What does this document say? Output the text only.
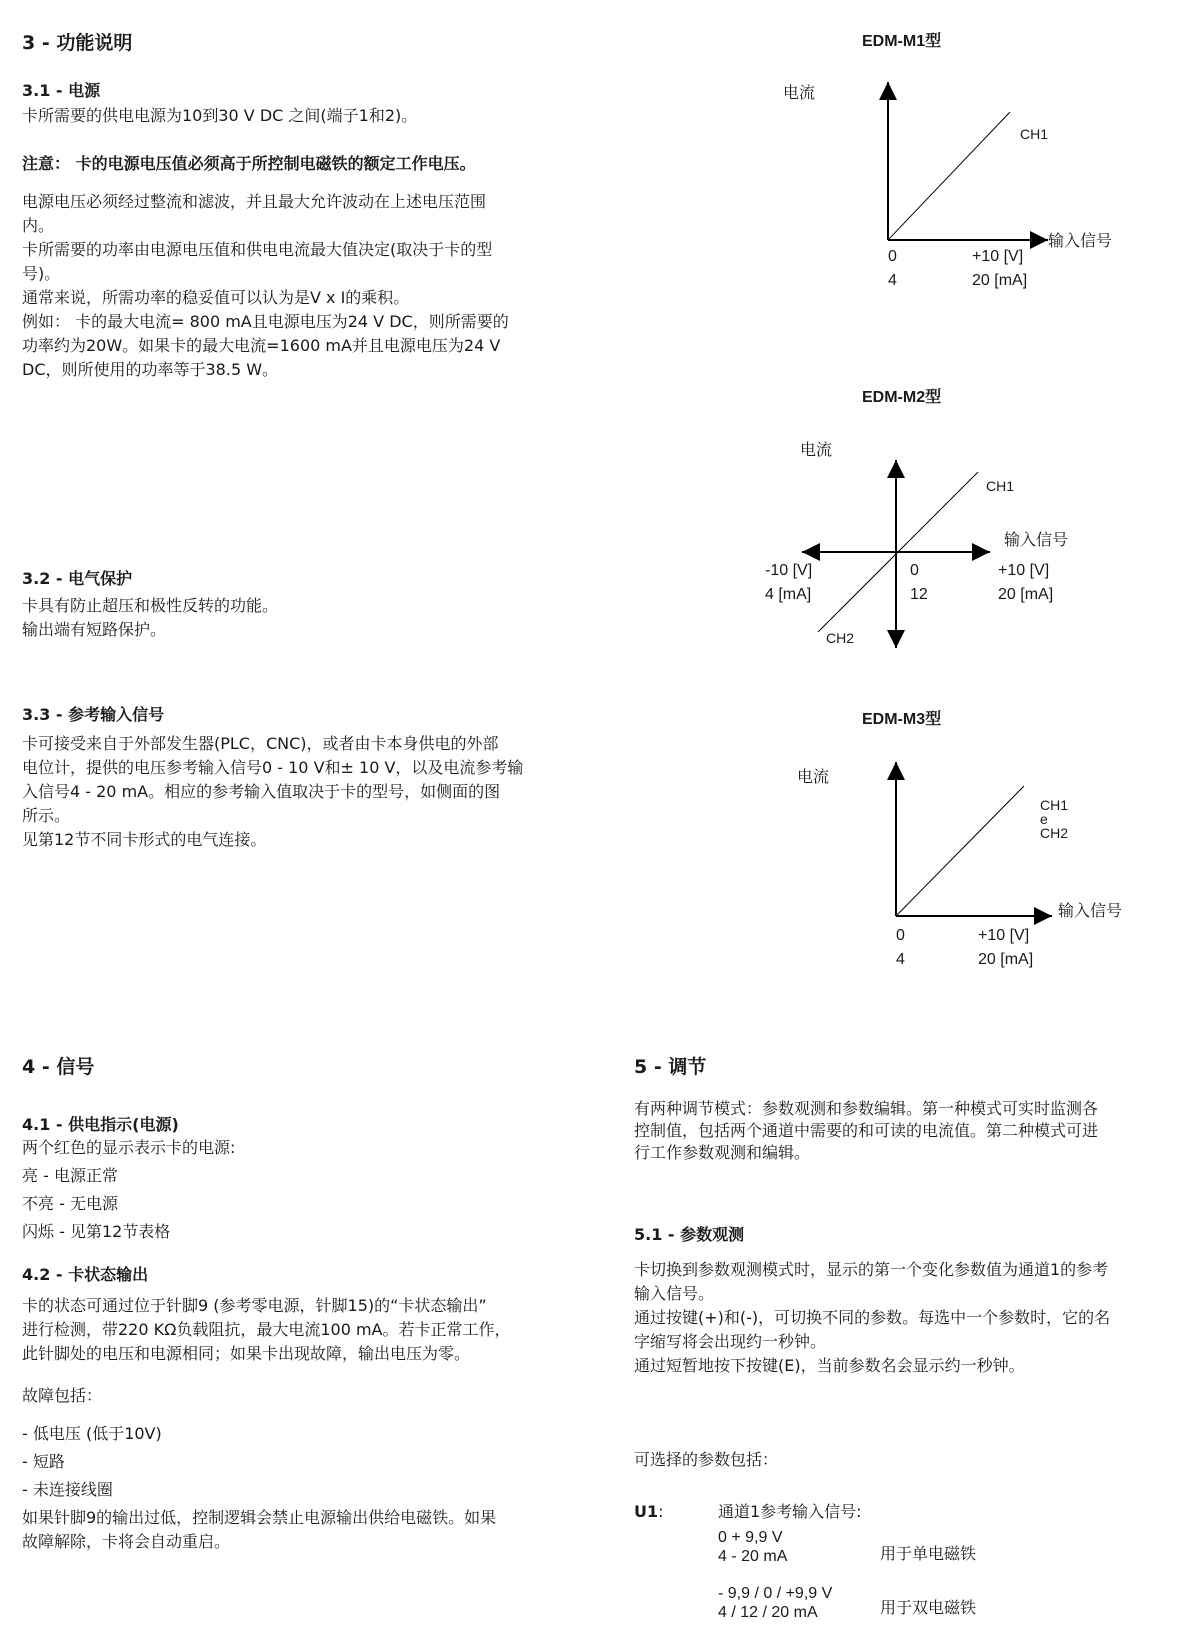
3 - 功能说明
3.1 - 电源
卡所需要的供电电源为10到30 V DC 之间(端子1和2)。
注意： 卡的电源电压值必须高于所控制电磁铁的额定工作电压。
电源电压必须经过整流和滤波，并且最大允许波动在上述电压范围
内。
卡所需要的功率由电源电压值和供电电流最大值决定(取决于卡的型
号)。
通常来说，所需功率的稳妥值可以认为是V x I的乘积。
例如： 卡的最大电流= 800 mA且电源电压为24 V DC，则所需要的
功率约为20W。如果卡的最大电流=1600 mA并且电源电压为24 V
DC，则所使用的功率等于38.5 W。
3.2 - 电气保护
卡具有防止超压和极性反转的功能。
输出端有短路保护。
3.3 - 参考输入信号
卡可接受来自于外部发生器(PLC，CNC)，或者由卡本身供电的外部
电位计，提供的电压参考输入信号0 - 10 V和± 10 V，以及电流参考输
入信号4 - 20 mA。相应的参考输入值取决于卡的型号，如侧面的图
所示。
见第12节不同卡形式的电气连接。
EDM-M1型
电流
CH1
输入信号
0	+10 [V]
4	20 [mA]
EDM-M2型
电流
CH1
输入信号
-10 [V]	0	+10 [V]
4 [mA]	12	20 [mA]
CH2
EDM-M3型
电流
CH1
e
CH2
输入信号
0	+10 [V]
4	20 [mA]
4 - 信号
4.1 - 供电指示(电源)
两个红色的显示表示卡的电源:
亮 - 电源正常
不亮 - 无电源
闪烁 - 见第12节表格
4.2 - 卡状态输出
卡的状态可通过位于针脚9 (参考零电源，针脚15)的“卡状态输出”
进行检测，带220 KΩ负载阻抗，最大电流100 mA。若卡正常工作，
此针脚处的电压和电源相同；如果卡出现故障，输出电压为零。
故障包括：
- 低电压 (低于10V)
- 短路
- 未连接线圈
如果针脚9的输出过低，控制逻辑会禁止电源输出供给电磁铁。如果
故障解除，卡将会自动重启。
5 - 调节
有两种调节模式：参数观测和参数编辑。第一种模式可实时监测各
控制值，包括两个通道中需要的和可读的电流值。第二种模式可进
行工作参数观测和编辑。
5.1 - 参数观测
卡切换到参数观测模式时，显示的第一个变化参数值为通道1的参考
输入信号。
通过按键(+)和(-)，可切换不同的参数。每选中一个参数时，它的名
字缩写将会出现约一秒钟。
通过短暂地按下按键(E)，当前参数名会显示约一秒钟。
可选择的参数包括：
U1:	通道1参考输入信号:
0 + 9,9 V
4 - 20 mA	用于单电磁铁
- 9,9 / 0 / +9,9 V
4 / 12 / 20 mA	用于双电磁铁
